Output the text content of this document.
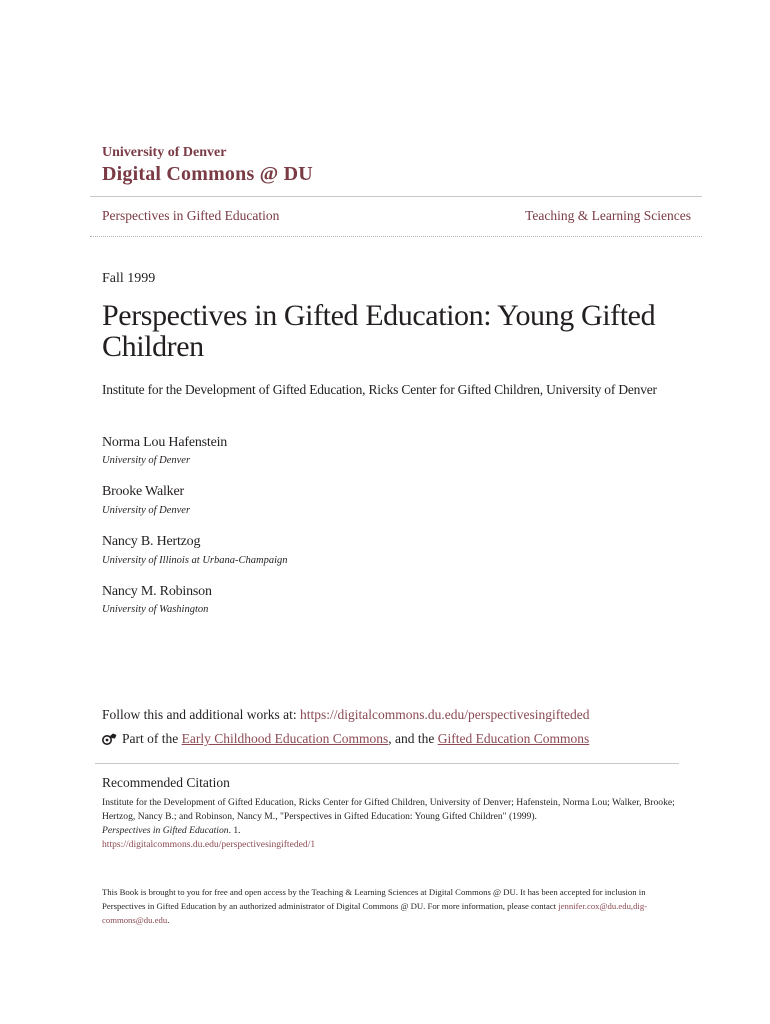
University of Denver
Digital Commons @ DU
Perspectives in Gifted Education	Teaching & Learning Sciences
Fall 1999
Perspectives in Gifted Education: Young Gifted Children
Institute for the Development of Gifted Education, Ricks Center for Gifted Children, University of Denver
Norma Lou Hafenstein
University of Denver
Brooke Walker
University of Denver
Nancy B. Hertzog
University of Illinois at Urbana-Champaign
Nancy M. Robinson
University of Washington
Follow this and additional works at: https://digitalcommons.du.edu/perspectivesingifteded
Part of the
Early Childhood Education Commons , and the Gifted Education Commons
Recommended Citation
Institute for the Development of Gifted Education, Ricks Center for Gifted Children, University of Denver; Hafenstein, Norma Lou; Walker, Brooke; Hertzog, Nancy B.; and Robinson, Nancy M., "Perspectives in Gifted Education: Young Gifted Children" (1999).
Perspectives in Gifted Education. 1.
https://digitalcommons.du.edu/perspectivesingifteded/1
This Book is brought to you for free and open access by the Teaching & Learning Sciences at Digital Commons @ DU. It has been accepted for inclusion in Perspectives in Gifted Education by an authorized administrator of Digital Commons @ DU. For more information, please contact jennifer.cox@du.edu,dig-commons@du.edu.
